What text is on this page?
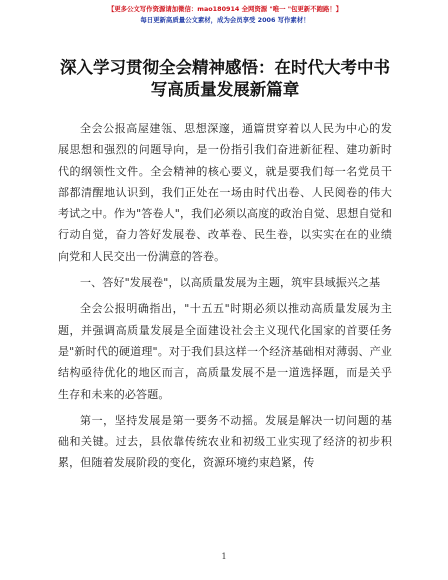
【更多公文写作资源请加微信：mao180914 全网资源 "唯一 "包更新不跑路！】
每日更新高质量公文素材，成为会员享受 2006 写作素材！
深入学习贯彻全会精神感悟：在时代大考中书
写高质量发展新篇章

全会公报高屋建瓴、思想深邃，通篇贯穿着以人民为中心的发展思想和强烈的问题导向，是一份指引我们奋进新征程、建功新时代的纲领性文件。全会精神的核心要义，就是要我们每一名党员干部都清醒地认识到，我们正处在一场由时代出卷、人民阅卷的伟大考试之中。作为"答卷人"，我们必须以高度的政治自觉、思想自觉和行动自觉，奋力答好发展卷、改革卷、民生卷，以实实在在的业绩向党和人民交出一份满意的答卷。

一、答好"发展卷"，以高质量发展为主题，筑牢县域振兴之基

全会公报明确指出，"十五五"时期必须以推动高质量发展为主题，并强调高质量发展是全面建设社会主义现代化国家的首要任务是"新时代的硬道理"。对于我们县这样一个经济基础相对薄弱、产业结构亟待优化的地区而言，高质量发展不是一道选择题，而是关乎生存和未来的必答题。

第一，坚持发展是第一要务不动摇。发展是解决一切问题的基础和关键。过去，县依靠传统农业和初级工业实现了经济的初步积累，但随着发展阶段的变化，资源环境约束趋紧，传

1
